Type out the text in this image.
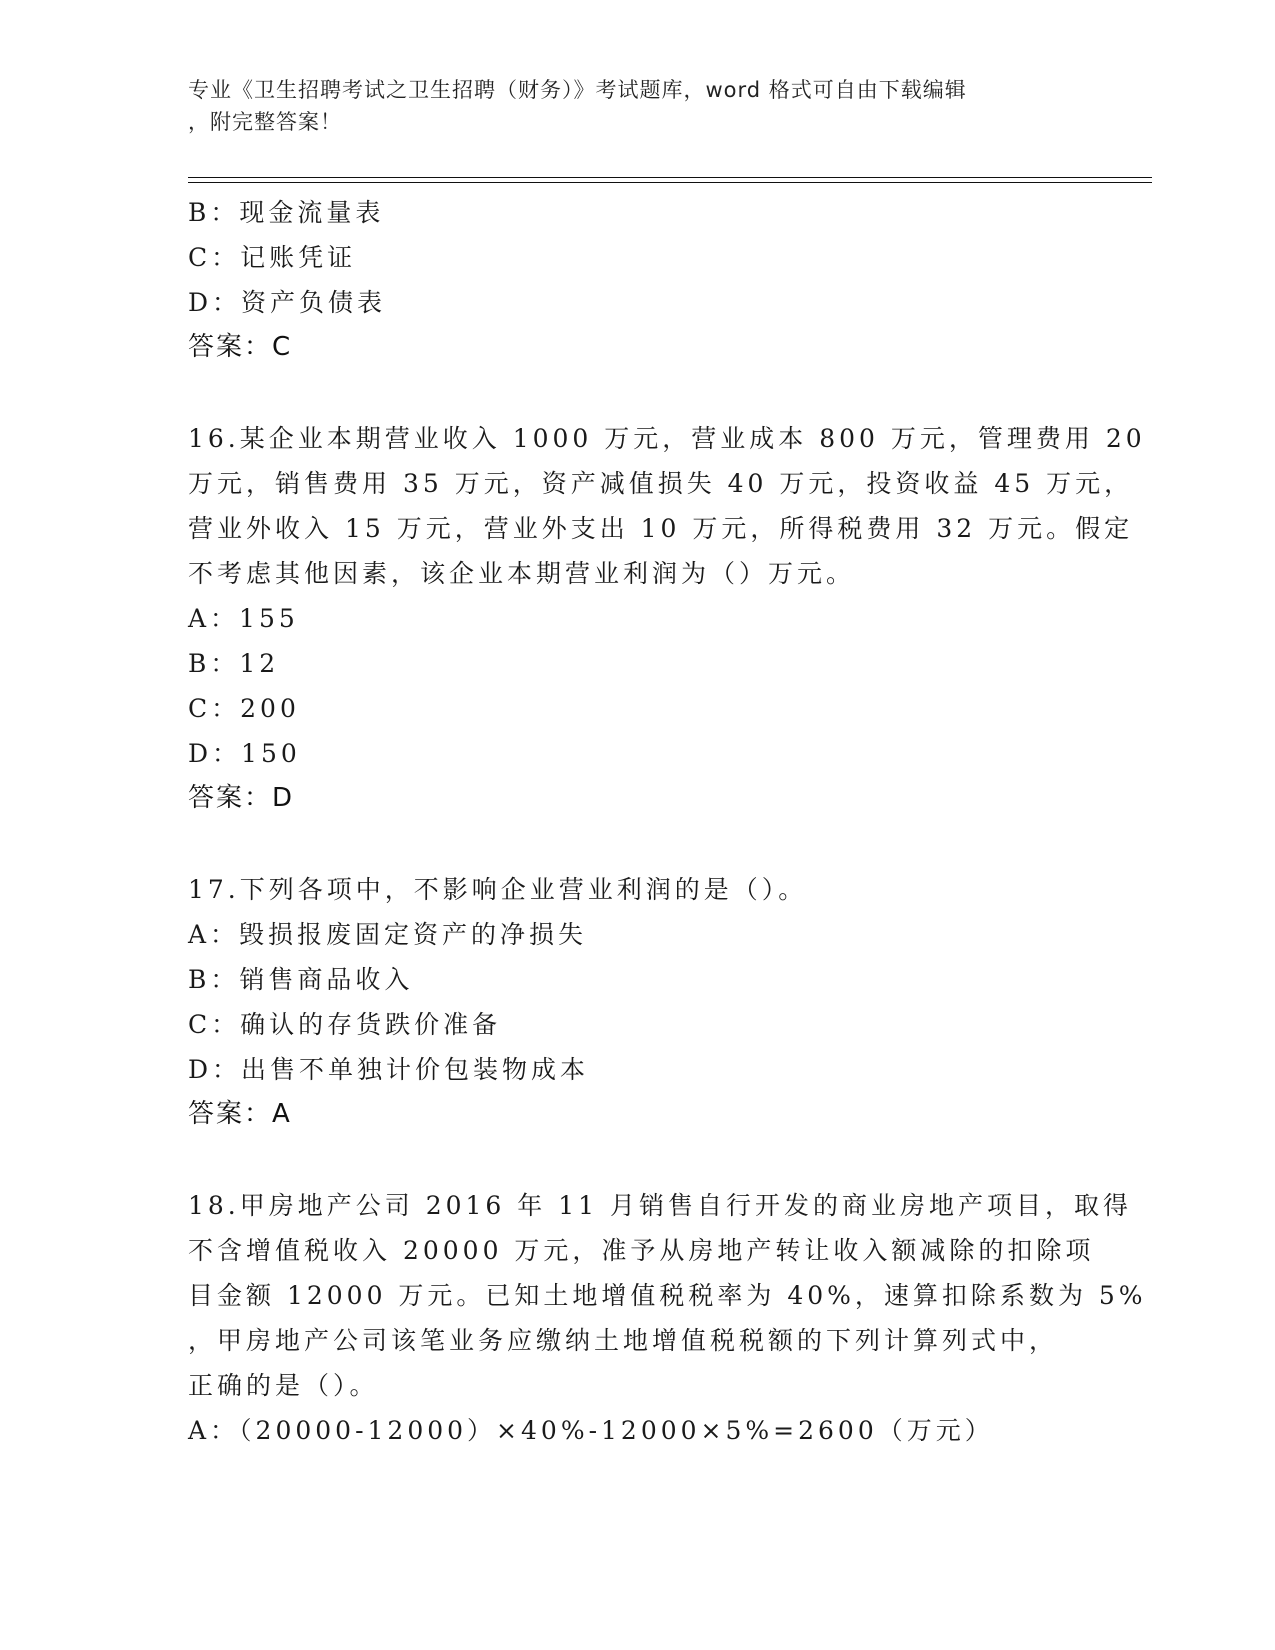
专业《卫生招聘考试之卫生招聘（财务）》考试题库，word 格式可自由下载编辑
，附完整答案！
B：现金流量表
C：记账凭证
D：资产负债表
答案：C
16.某企业本期营业收入 1000 万元，营业成本 800 万元，管理费用 20
万元，销售费用 35 万元，资产减值损失 40 万元，投资收益 45 万元，
营业外收入 15 万元，营业外支出 10 万元，所得税费用 32 万元。假定
不考虑其他因素，该企业本期营业利润为（）万元。
A：155
B：12
C：200
D：150
答案：D
17.下列各项中，不影响企业营业利润的是（）。
A：毁损报废固定资产的净损失
B：销售商品收入
C：确认的存货跌价准备
D：出售不单独计价包装物成本
答案：A
18.甲房地产公司 2016 年 11 月销售自行开发的商业房地产项目，取得
不含增值税收入 20000 万元，准予从房地产转让收入额减除的扣除项
目金额 12000 万元。已知土地增值税税率为 40%，速算扣除系数为 5%
，甲房地产公司该笔业务应缴纳土地增值税税额的下列计算列式中，
正确的是（）。
A：（20000-12000）×40%-12000×5%=2600（万元）
